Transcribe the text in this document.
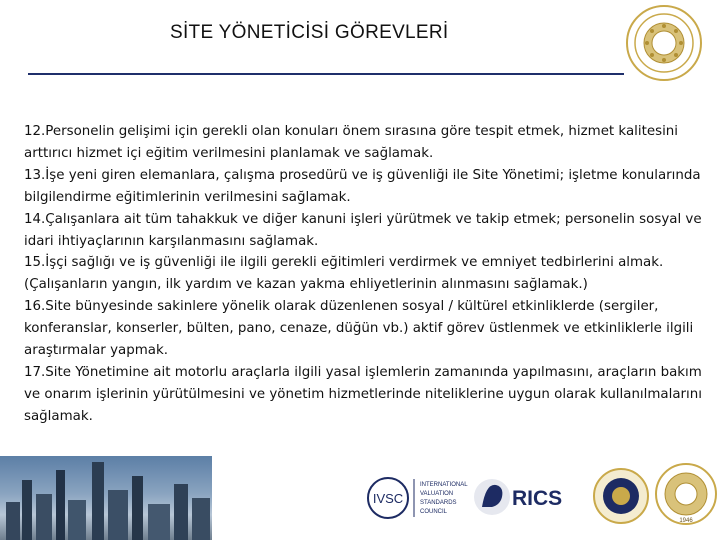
SİTE YÖNETİCİSİ GÖREVLERİ

12.Personelin gelişimi için gerekli olan konuları önem sırasına göre tespit etmek, hizmet kalitesini arttırıcı hizmet içi eğitim verilmesini planlamak ve sağlamak.

13.İşe yeni giren elemanlara, çalışma prosedürü ve iş güvenliği ile Site Yönetimi; işletme konularında bilgilendirme eğitimlerinin verilmesini sağlamak.

14.Çalışanlara ait tüm tahakkuk ve diğer kanuni işleri yürütmek ve takip etmek; personelin sosyal ve idari ihtiyaçlarının karşılanmasını sağlamak.

15.İşçi sağlığı ve iş güvenliği ile ilgili gerekli eğitimleri verdirmek ve emniyet tedbirlerini almak. (Çalışanların yangın, ilk yardım ve kazan yakma ehliyetlerinin alınmasını sağlamak.)

16.Site bünyesinde sakinlere yönelik olarak düzenlenen sosyal / kültürel etkinliklerde (sergiler, konferanslar, konserler, bülten, pano, cenaze, düğün vb.) aktif görev üstlenmek ve etkinliklerle ilgili araştırmalar yapmak.

17.Site Yönetimine ait motorlu araçlarla ilgili yasal işlemlerin zamanında yapılmasını, araçların bakım ve onarım işlerinin yürütülmesini ve yönetim hizmetlerinde niteliklerine uygun olarak kullanılmalarını sağlamak.

IVSC
INTERNATIONAL
VALUATION
STANDARDS
COUNCIL
RICS
1946
